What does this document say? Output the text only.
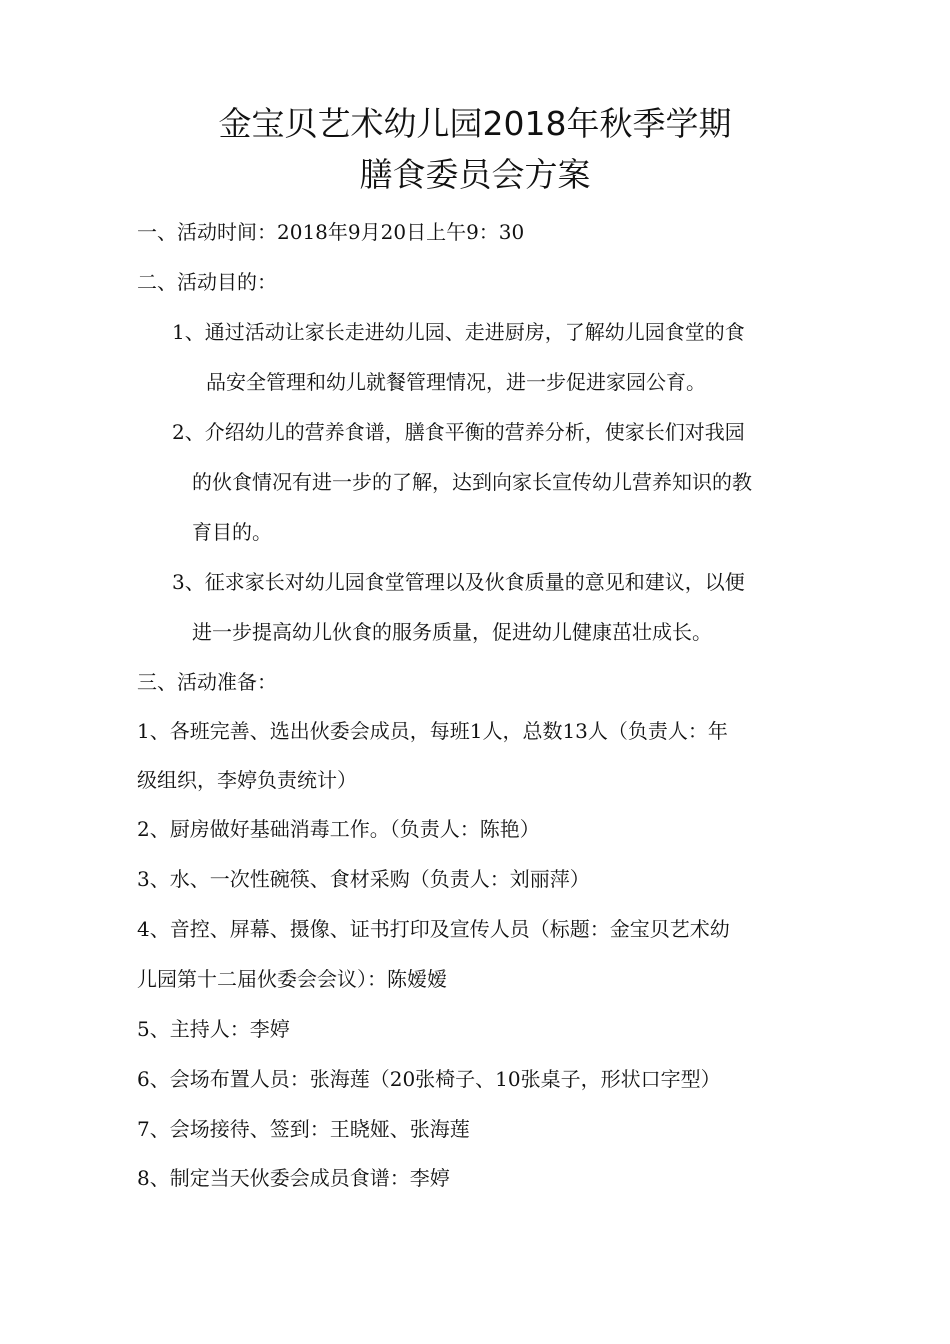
金宝贝艺术幼儿园2018年秋季学期
膳食委员会方案
一、活动时间：2018年9月20日上午9：30
二、活动目的：
1、通过活动让家长走进幼儿园、走进厨房，了解幼儿园食堂的食
品安全管理和幼儿就餐管理情况，进一步促进家园公育。
2、介绍幼儿的营养食谱，膳食平衡的营养分析，使家长们对我园
的伙食情况有进一步的了解，达到向家长宣传幼儿营养知识的教
育目的。
3、征求家长对幼儿园食堂管理以及伙食质量的意见和建议，以便
进一步提高幼儿伙食的服务质量，促进幼儿健康茁壮成长。
三、活动准备：
1、各班完善、选出伙委会成员，每班1人，总数13人（负责人：年
级组织，李婷负责统计）
2、厨房做好基础消毒工作。（负责人：陈艳）
3、水、一次性碗筷、食材采购（负责人：刘丽萍）
4、音控、屏幕、摄像、证书打印及宣传人员（标题：金宝贝艺术幼
儿园第十二届伙委会会议）：陈嫒嫒
5、主持人：李婷
6、会场布置人员：张海莲（20张椅子、10张桌子，形状口字型）
7、会场接待、签到：王晓娅、张海莲
8、制定当天伙委会成员食谱：李婷
